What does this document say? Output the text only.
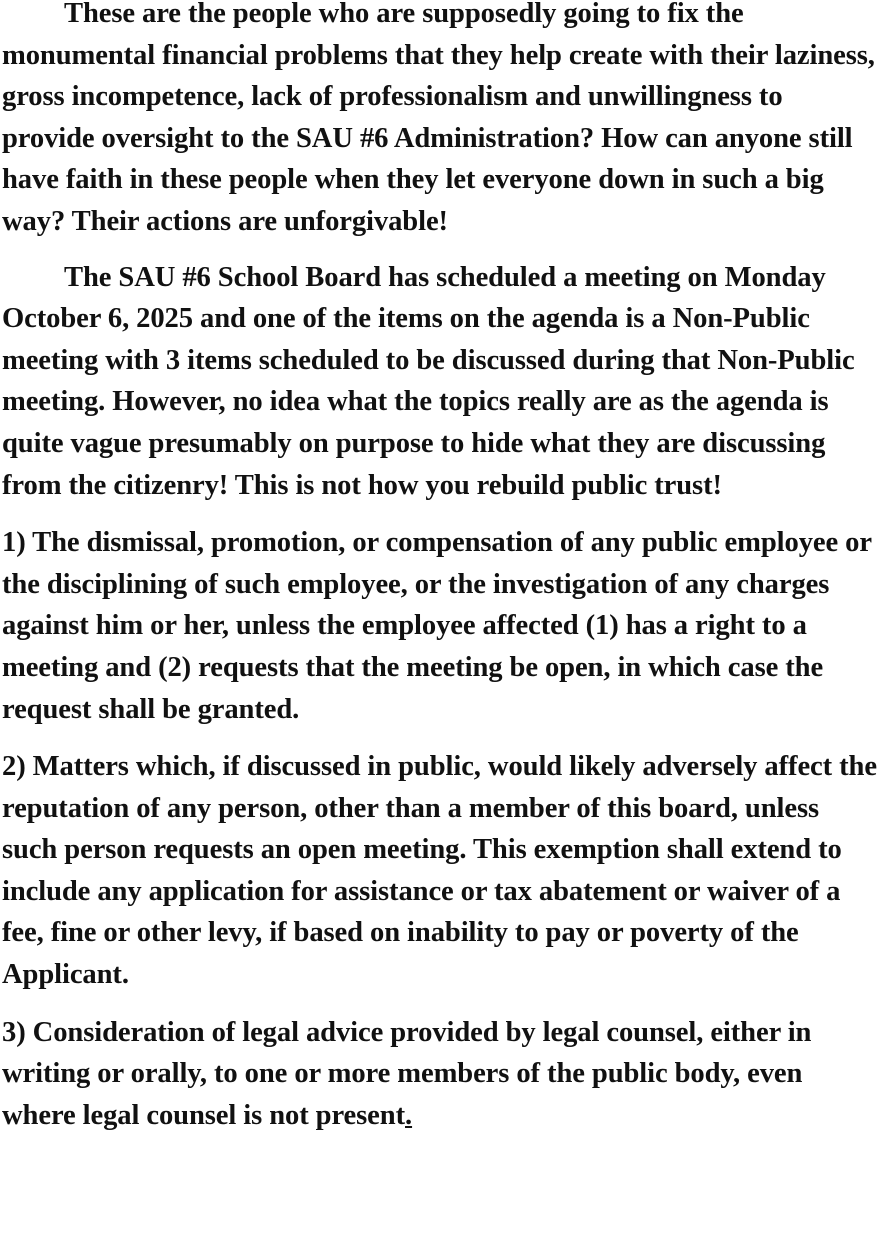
These are the people who are supposedly going to fix the monumental financial problems that they help create with their laziness, gross incompetence, lack of professionalism and unwillingness to provide oversight to the SAU #6 Administration? How can anyone still have faith in these people when they let everyone down in such a big way? Their actions are unforgivable!

The SAU #6 School Board has scheduled a meeting on Monday October 6, 2025 and one of the items on the agenda is a Non-Public meeting with 3 items scheduled to be discussed during that Non-Public meeting. However, no idea what the topics really are as the agenda is quite vague presumably on purpose to hide what they are discussing from the citizenry! This is not how you rebuild public trust!

1) The dismissal, promotion, or compensation of any public employee or the disciplining of such employee, or the investigation of any charges against him or her, unless the employee affected (1) has a right to a meeting and (2) requests that the meeting be open, in which case the request shall be granted.

2) Matters which, if discussed in public, would likely adversely affect the reputation of any person, other than a member of this board, unless such person requests an open meeting. This exemption shall extend to include any application for assistance or tax abatement or waiver of a fee, fine or other levy, if based on inability to pay or poverty of the Applicant.

3) Consideration of legal advice provided by legal counsel, either in writing or orally, to one or more members of the public body, even where legal counsel is not present.
